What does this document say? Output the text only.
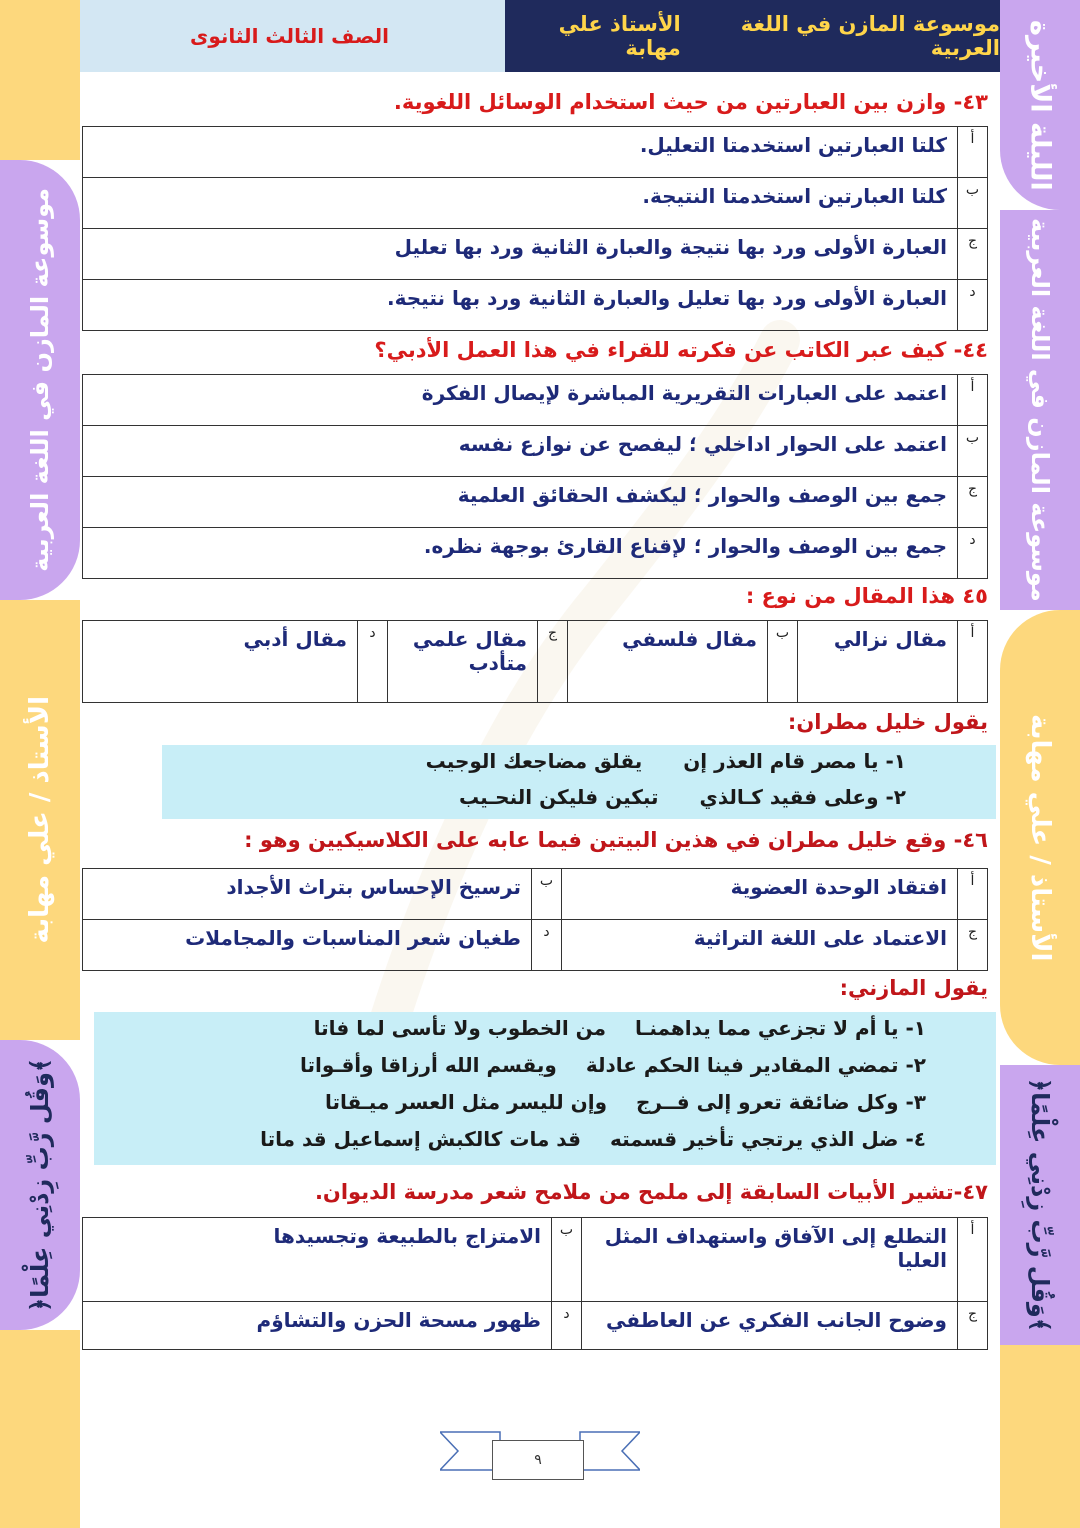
موسوعة المازن في اللغة العربية
الأستاذ علي مهابة
الصف الثالث الثانوى	الليلة الأخيرة
موسوعة المازن في اللغة العربية
الأستاذ / علي مهابة
﴿وَقُل رَّبِّ زِدْنِي عِلْمًا﴾
موسوعة المازن في اللغة العربية
الأستاذ / علي مهابة
﴿وَقُل رَّبِّ زِدْنِي عِلْمًا﴾
٤٣- وازن بين العبارتين من حيث استخدام الوسائل اللغوية.
أ	كلتا العبارتين استخدمتا التعليل.
ب	كلتا العبارتين استخدمتا النتيجة.
ج	العبارة الأولى ورد بها نتيجة والعبارة الثانية ورد بها تعليل
د	العبارة الأولى ورد بها تعليل والعبارة الثانية ورد بها نتيجة.
٤٤- كيف عبر الكاتب عن فكرته للقراء في هذا العمل الأدبي؟
أ	اعتمد على العبارات التقريرية المباشرة لإيصال الفكرة
ب	اعتمد على الحوار اداخلي ؛ ليفصح عن نوازع نفسه
ج	جمع بين الوصف والحوار ؛ ليكشف الحقائق العلمية
د	جمع بين الوصف والحوار ؛ لإقناع القارئ بوجهة نظره.
٤٥ هذا المقال من نوع :
أ	مقال نزالي	ب	مقال فلسفي	ج	مقال علمي متأدب	د	مقال أدبي
يقول خليل مطران:
١- يا مصر قام العذر إن يقلق مضاجعك الوجيب
٢- وعلى فقيد كـالذي تبكين فليكن النحـيب
٤٦- وقع خليل مطران في هذين البيتين فيما عابه على الكلاسيكيين وهو :
أ	افتقاد الوحدة العضوية	ب	ترسيخ الإحساس بتراث الأجداد
ج	الاعتماد على اللغة التراثية	د	طغيان شعر المناسبات والمجاملات
يقول المازني:
١- يا أم لا تجزعي مما يداهمنـا من الخطوب ولا تأسى لما فاتا
٢- تمضي المقادير فينا الحكم عادلة ويقسم الله أرزاقا وأقـواتا
٣- وكل ضائقة تعرو إلى فــرج وإن لليسر مثل العسر ميـقاتا
٤- ضل الذي يرتجي تأخير قسمته قد مات كالكبش إسماعيل قد ماتا
٤٧-تشير الأبيات السابقة إلى ملمح من ملامح شعر مدرسة الديوان.
أ	التطلع إلى الآفاق واستهداف المثل العليا	ب	الامتزاج بالطبيعة وتجسيدها
ج	وضوح الجانب الفكري عن العاطفي	د	ظهور مسحة الحزن والتشاؤم
٩
